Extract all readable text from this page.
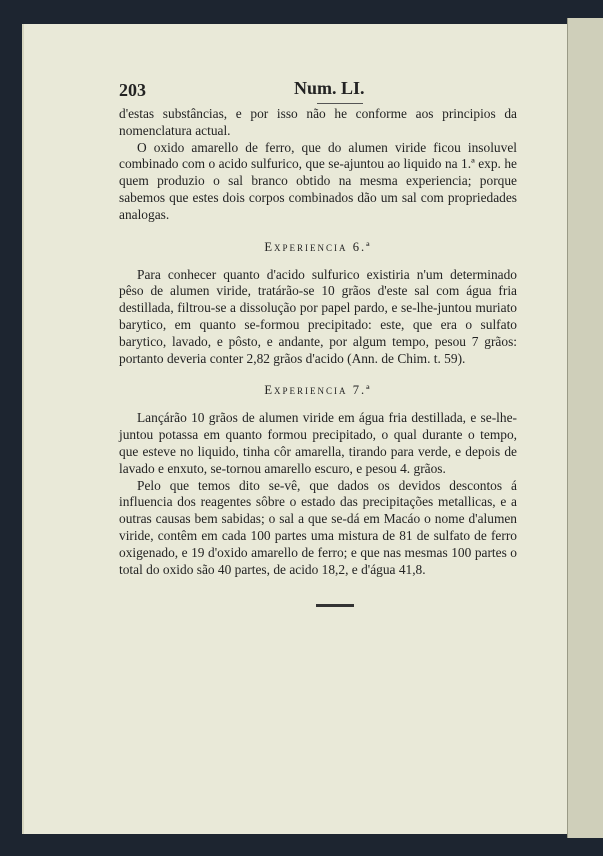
203	Num. LI.

d'estas substâncias, e por isso não he conforme aos principios da nomenclatura actual.

O oxido amarello de ferro, que do alumen viride ficou insoluvel combinado com o acido sulfurico, que se-ajuntou ao liquido na 1.ª exp. he quem produzio o sal branco obtido na mesma experiencia; porque sabemos que estes dois corpos combinados dão um sal com propriedades analogas.

Experiencia 6.ª

Para conhecer quanto d'acido sulfurico existiria n'um determinado pêso de alumen viride, tratárão-se 10 grãos d'este sal com água fria destillada, filtrou-se a dissolução por papel pardo, e se-lhe-juntou muriato barytico, em quanto se-formou precipitado: este, que era o sulfato barytico, lavado, e pôsto, e andante, por algum tempo, pesou 7 grãos: portanto deveria conter 2,82 grãos d'acido (Ann. de Chim. t. 59).

Experiencia 7.ª

Lançárão 10 grãos de alumen viride em água fria destillada, e se-lhe-juntou potassa em quanto formou precipitado, o qual durante o tempo, que esteve no liquido, tinha côr amarella, tirando para verde, e depois de lavado e enxuto, se-tornou amarello escuro, e pesou 4. grãos.

Pelo que temos dito se-vê, que dados os devidos descontos á influencia dos reagentes sôbre o estado das precipitações metallicas, e a outras causas bem sabidas; o sal a que se-dá em Macáo o nome d'alumen viride, contêm em cada 100 partes uma mistura de 81 de sulfato de ferro oxigenado, e 19 d'oxido amarello de ferro; e que nas mesmas 100 partes o total do oxido são 40 partes, de acido 18,2, e d'água 41,8.
